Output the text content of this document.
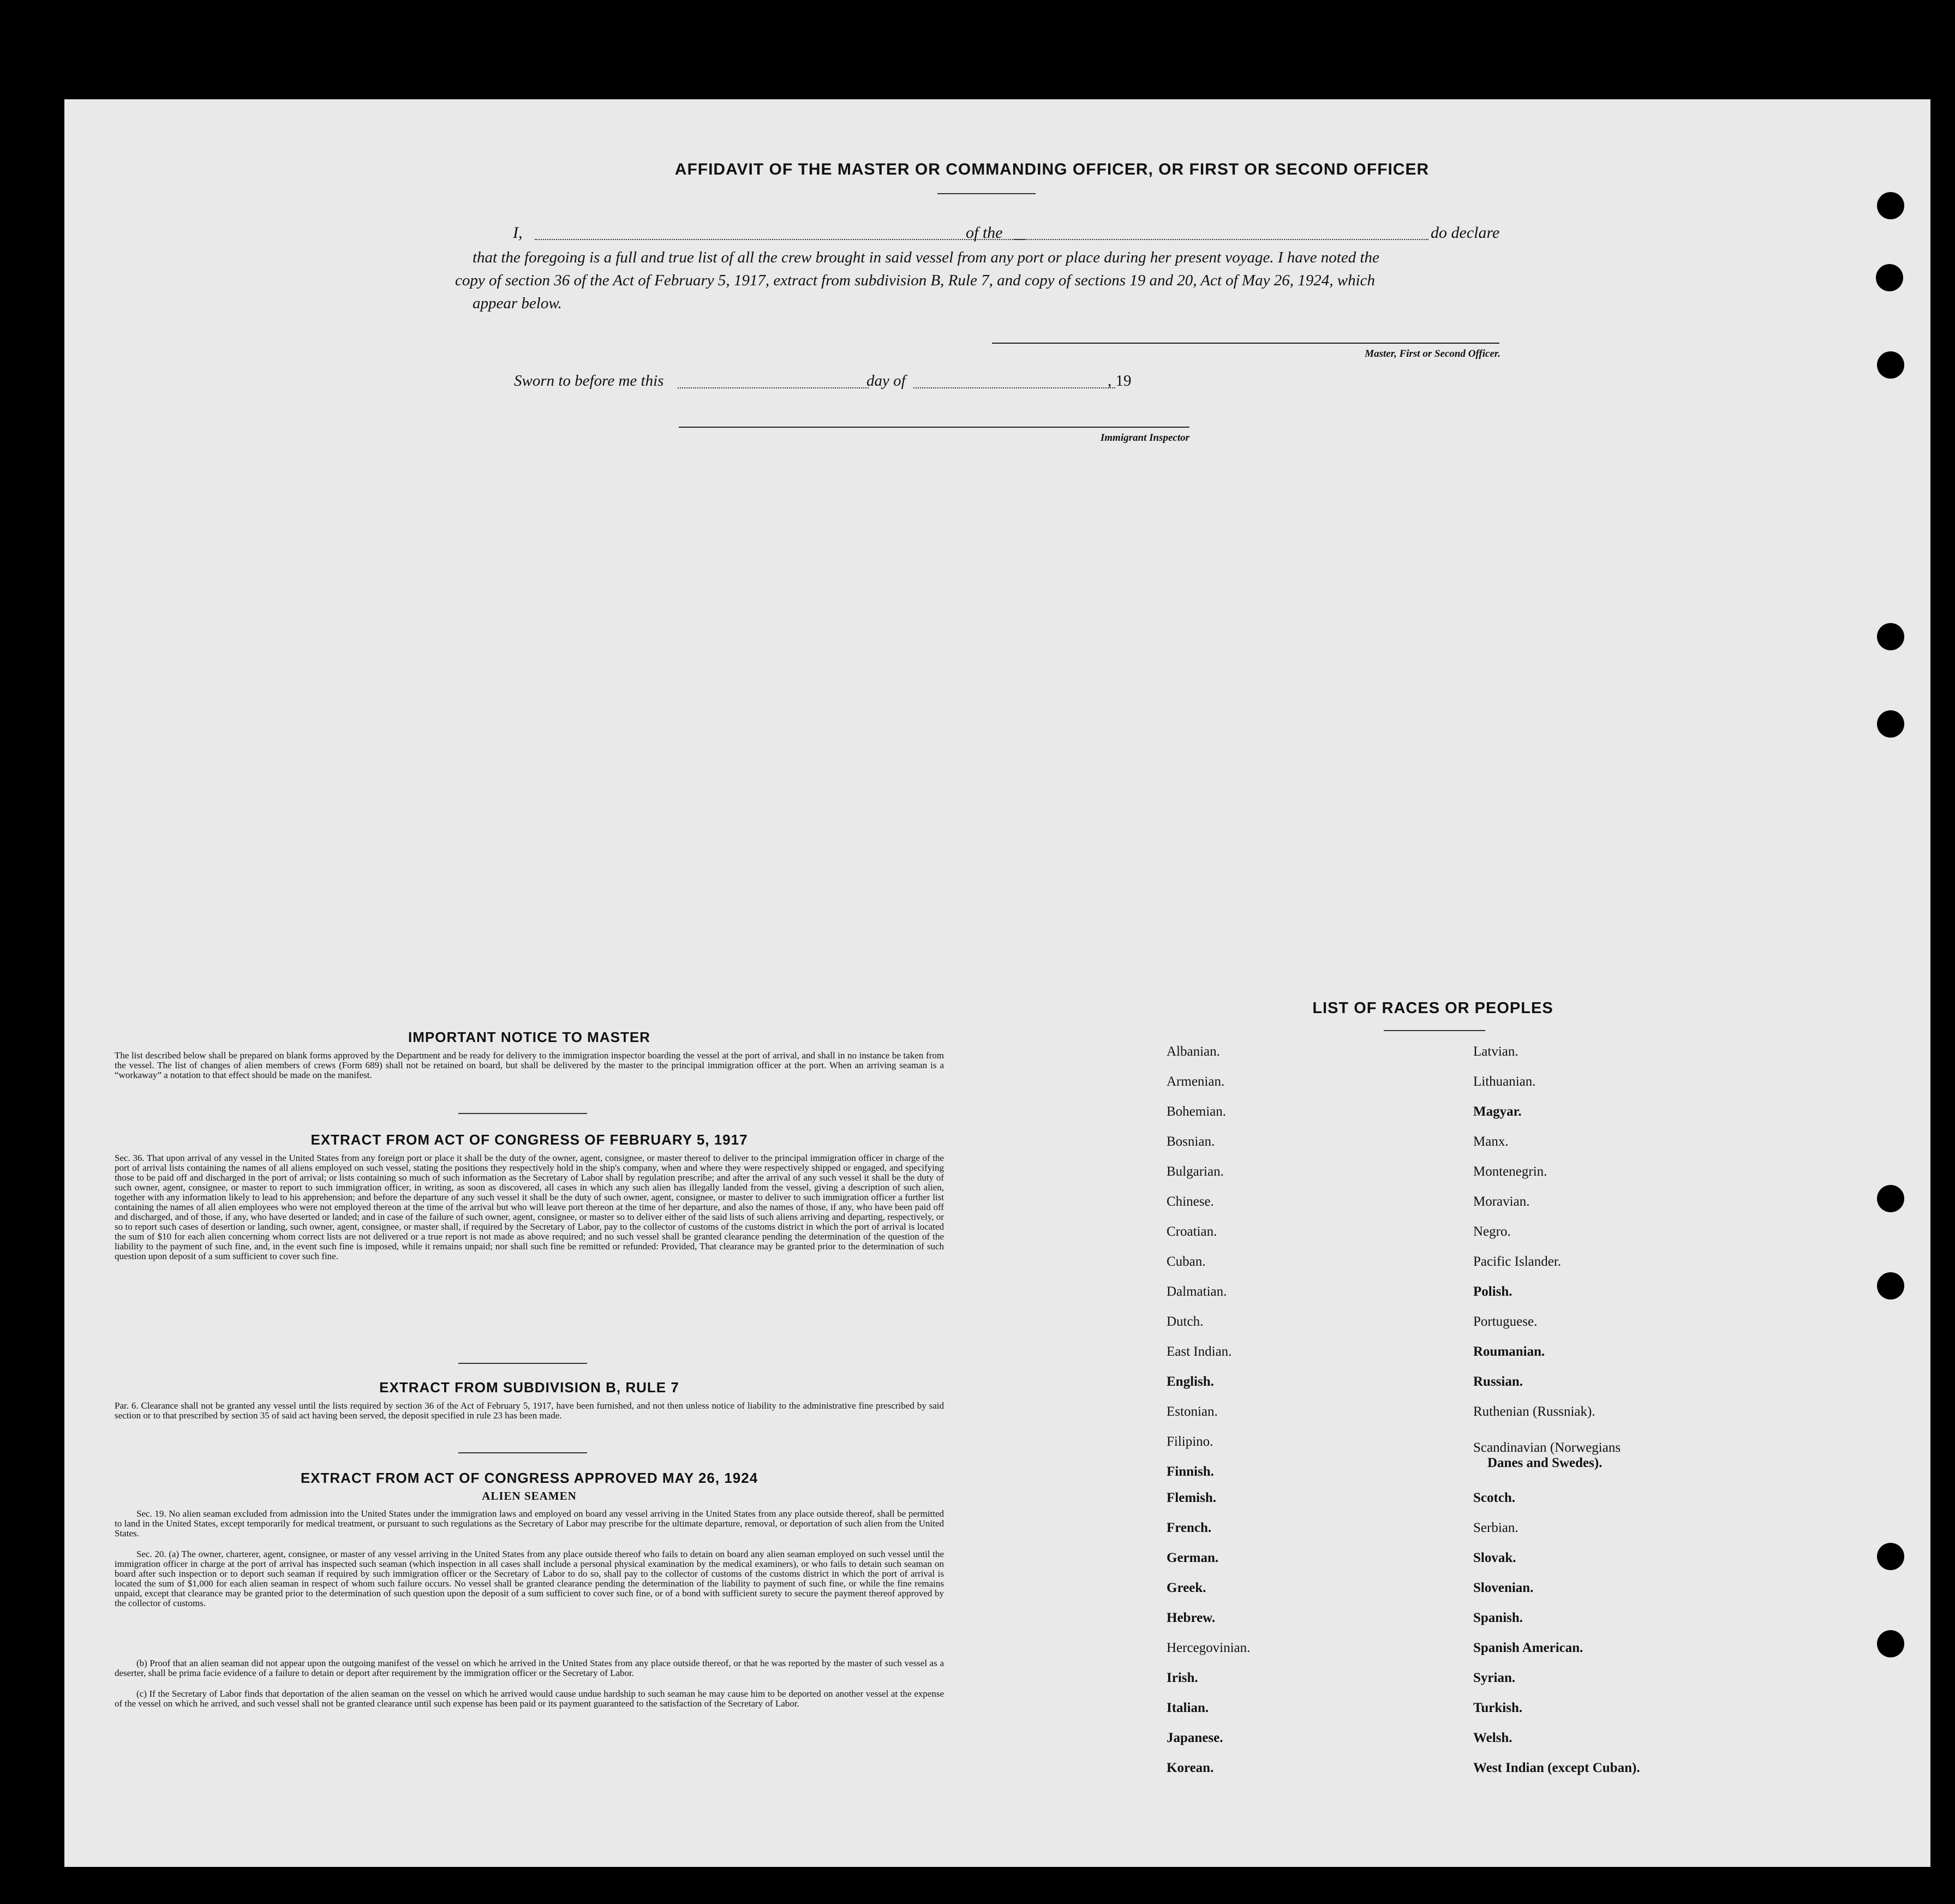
AFFIDAVIT OF THE MASTER OR COMMANDING OFFICER, OR FIRST OR SECOND OFFICER
I,	of the	do declare
that the foregoing is a full and true list of all the crew brought in said vessel from any port or place during her present voyage. I have noted the
copy of section 36 of the Act of February 5, 1917, extract from subdivision B, Rule 7, and copy of sections 19 and 20, Act of May 26, 1924, which
appear below.
Master, First or Second Officer.
Sworn to before me this	day of	, 19
Immigrant Inspector
IMPORTANT NOTICE TO MASTER
The list described below shall be prepared on blank forms approved by the Department and be ready for delivery to the immigration inspector boarding the vessel at the port of arrival, and shall in no instance be taken from the vessel. The list of changes of alien members of crews (Form 689) shall not be retained on board, but shall be delivered by the master to the principal immigration officer at the port. When an arriving seaman is a “workaway” a notation to that effect should be made on the manifest.
EXTRACT FROM ACT OF CONGRESS OF FEBRUARY 5, 1917
Sec. 36. That upon arrival of any vessel in the United States from any foreign port or place it shall be the duty of the owner, agent, consignee, or master thereof to deliver to the principal immigration officer in charge of the port of arrival lists containing the names of all aliens employed on such vessel, stating the positions they respectively hold in the ship's company, when and where they were respectively shipped or engaged, and specifying those to be paid off and discharged in the port of arrival; or lists containing so much of such information as the Secretary of Labor shall by regulation prescribe; and after the arrival of any such vessel it shall be the duty of such owner, agent, consignee, or master to report to such immigration officer, in writing, as soon as discovered, all cases in which any such alien has illegally landed from the vessel, giving a description of such alien, together with any information likely to lead to his apprehension; and before the departure of any such vessel it shall be the duty of such owner, agent, consignee, or master to deliver to such immigration officer a further list containing the names of all alien employees who were not employed thereon at the time of the arrival but who will leave port thereon at the time of her departure, and also the names of those, if any, who have been paid off and discharged, and of those, if any, who have deserted or landed; and in case of the failure of such owner, agent, consignee, or master so to deliver either of the said lists of such aliens arriving and departing, respectively, or so to report such cases of desertion or landing, such owner, agent, consignee, or master shall, if required by the Secretary of Labor, pay to the collector of customs of the customs district in which the port of arrival is located the sum of $10 for each alien concerning whom correct lists are not delivered or a true report is not made as above required; and no such vessel shall be granted clearance pending the determination of the question of the liability to the payment of such fine, and, in the event such fine is imposed, while it remains unpaid; nor shall such fine be remitted or refunded: Provided, That clearance may be granted prior to the determination of such question upon deposit of a sum sufficient to cover such fine.
EXTRACT FROM SUBDIVISION B, RULE 7
Par. 6. Clearance shall not be granted any vessel until the lists required by section 36 of the Act of February 5, 1917, have been furnished, and not then unless notice of liability to the administrative fine prescribed by said section or to that prescribed by section 35 of said act having been served, the deposit specified in rule 23 has been made.
EXTRACT FROM ACT OF CONGRESS APPROVED MAY 26, 1924
ALIEN SEAMEN
Sec. 19. No alien seaman excluded from admission into the United States under the immigration laws and employed on board any vessel arriving in the United States from any place outside thereof, shall be permitted to land in the United States, except temporarily for medical treatment, or pursuant to such regulations as the Secretary of Labor may prescribe for the ultimate departure, removal, or deportation of such alien from the United States.
Sec. 20. (a) The owner, charterer, agent, consignee, or master of any vessel arriving in the United States from any place outside thereof who fails to detain on board any alien seaman employed on such vessel until the immigration officer in charge at the port of arrival has inspected such seaman (which inspection in all cases shall include a personal physical examination by the medical examiners), or who fails to detain such seaman on board after such inspection or to deport such seaman if required by such immigration officer or the Secretary of Labor to do so, shall pay to the collector of customs of the customs district in which the port of arrival is located the sum of $1,000 for each alien seaman in respect of whom such failure occurs. No vessel shall be granted clearance pending the determination of the liability to payment of such fine, or while the fine remains unpaid, except that clearance may be granted prior to the determination of such question upon the deposit of a sum sufficient to cover such fine, or of a bond with sufficient surety to secure the payment thereof approved by the collector of customs.
(b) Proof that an alien seaman did not appear upon the outgoing manifest of the vessel on which he arrived in the United States from any place outside thereof, or that he was reported by the master of such vessel as a deserter, shall be prima facie evidence of a failure to detain or deport after requirement by the immigration officer or the Secretary of Labor.
(c) If the Secretary of Labor finds that deportation of the alien seaman on the vessel on which he arrived would cause undue hardship to such seaman he may cause him to be deported on another vessel at the expense of the vessel on which he arrived, and such vessel shall not be granted clearance until such expense has been paid or its payment guaranteed to the satisfaction of the Secretary of Labor.
LIST OF RACES OR PEOPLES
Albanian.
Armenian.
Bohemian.
Bosnian.
Bulgarian.
Chinese.
Croatian.
Cuban.
Dalmatian.
Dutch.
East Indian.
English.
Estonian.
Filipino.
Finnish.
Flemish.
French.
German.
Greek.
Hebrew.
Hercegovinian.
Irish.
Italian.
Japanese.
Korean.
Latvian.
Lithuanian.
Magyar.
Manx.
Montenegrin.
Moravian.
Negro.
Pacific Islander.
Polish.
Portuguese.
Roumanian.
Russian.
Ruthenian (Russniak).
Scandinavian (Norwegians
Danes and Swedes).
Scotch.
Serbian.
Slovak.
Slovenian.
Spanish.
Spanish American.
Syrian.
Turkish.
Welsh.
West Indian (except Cuban).
